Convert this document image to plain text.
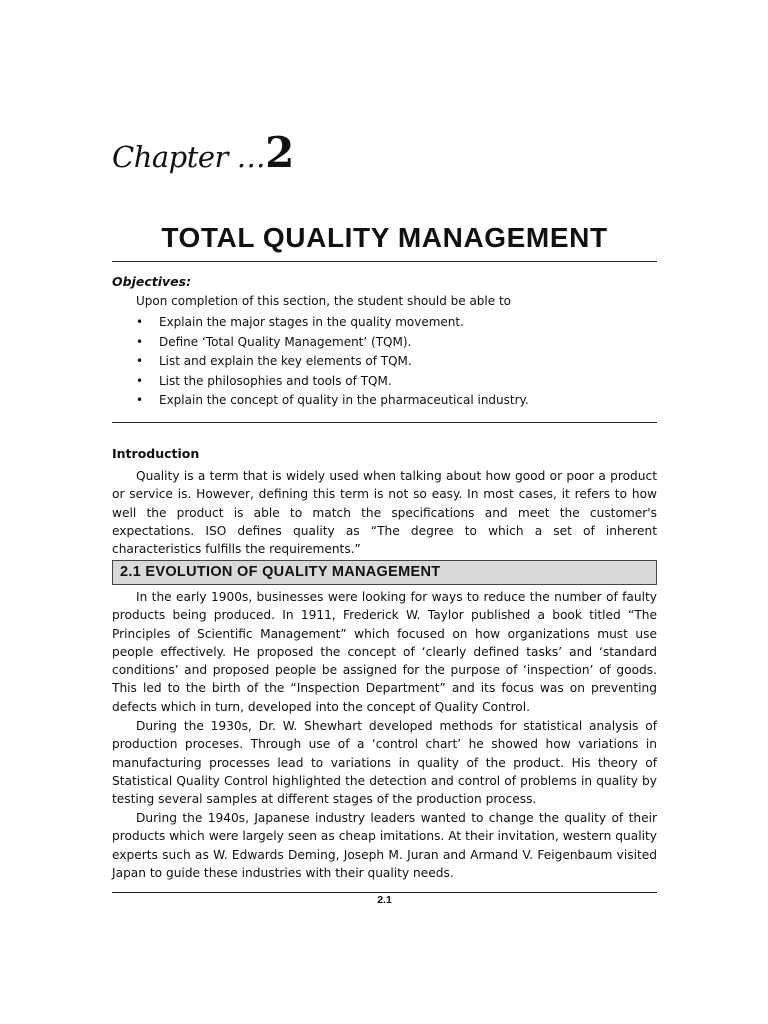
Chapter …2
TOTAL QUALITY MANAGEMENT
Objectives:
Upon completion of this section, the student should be able to
• Explain the major stages in the quality movement.
• Define ‘Total Quality Management’ (TQM).
• List and explain the key elements of TQM.
• List the philosophies and tools of TQM.
• Explain the concept of quality in the pharmaceutical industry.
Introduction

Quality is a term that is widely used when talking about how good or poor a product or service is. However, defining this term is not so easy. In most cases, it refers to how well the product is able to match the specifications and meet the customer's expectations. ISO defines quality as “The degree to which a set of inherent characteristics fulfills the requirements.”

2.1 EVOLUTION OF QUALITY MANAGEMENT

In the early 1900s, businesses were looking for ways to reduce the number of faulty products being produced. In 1911, Frederick W. Taylor published a book titled “The Principles of Scientific Management” which focused on how organizations must use people effectively. He proposed the concept of ‘clearly defined tasks’ and ‘standard conditions’ and proposed people be assigned for the purpose of ‘inspection’ of goods. This led to the birth of the “Inspection Department” and its focus was on preventing defects which in turn, developed into the concept of Quality Control.

During the 1930s, Dr. W. Shewhart developed methods for statistical analysis of production proceses. Through use of a ‘control chart’ he showed how variations in manufacturing processes lead to variations in quality of the product. His theory of Statistical Quality Control highlighted the detection and control of problems in quality by testing several samples at different stages of the production process.

During the 1940s, Japanese industry leaders wanted to change the quality of their products which were largely seen as cheap imitations. At their invitation, western quality experts such as W. Edwards Deming, Joseph M. Juran and Armand V. Feigenbaum visited Japan to guide these industries with their quality needs.

2.1
